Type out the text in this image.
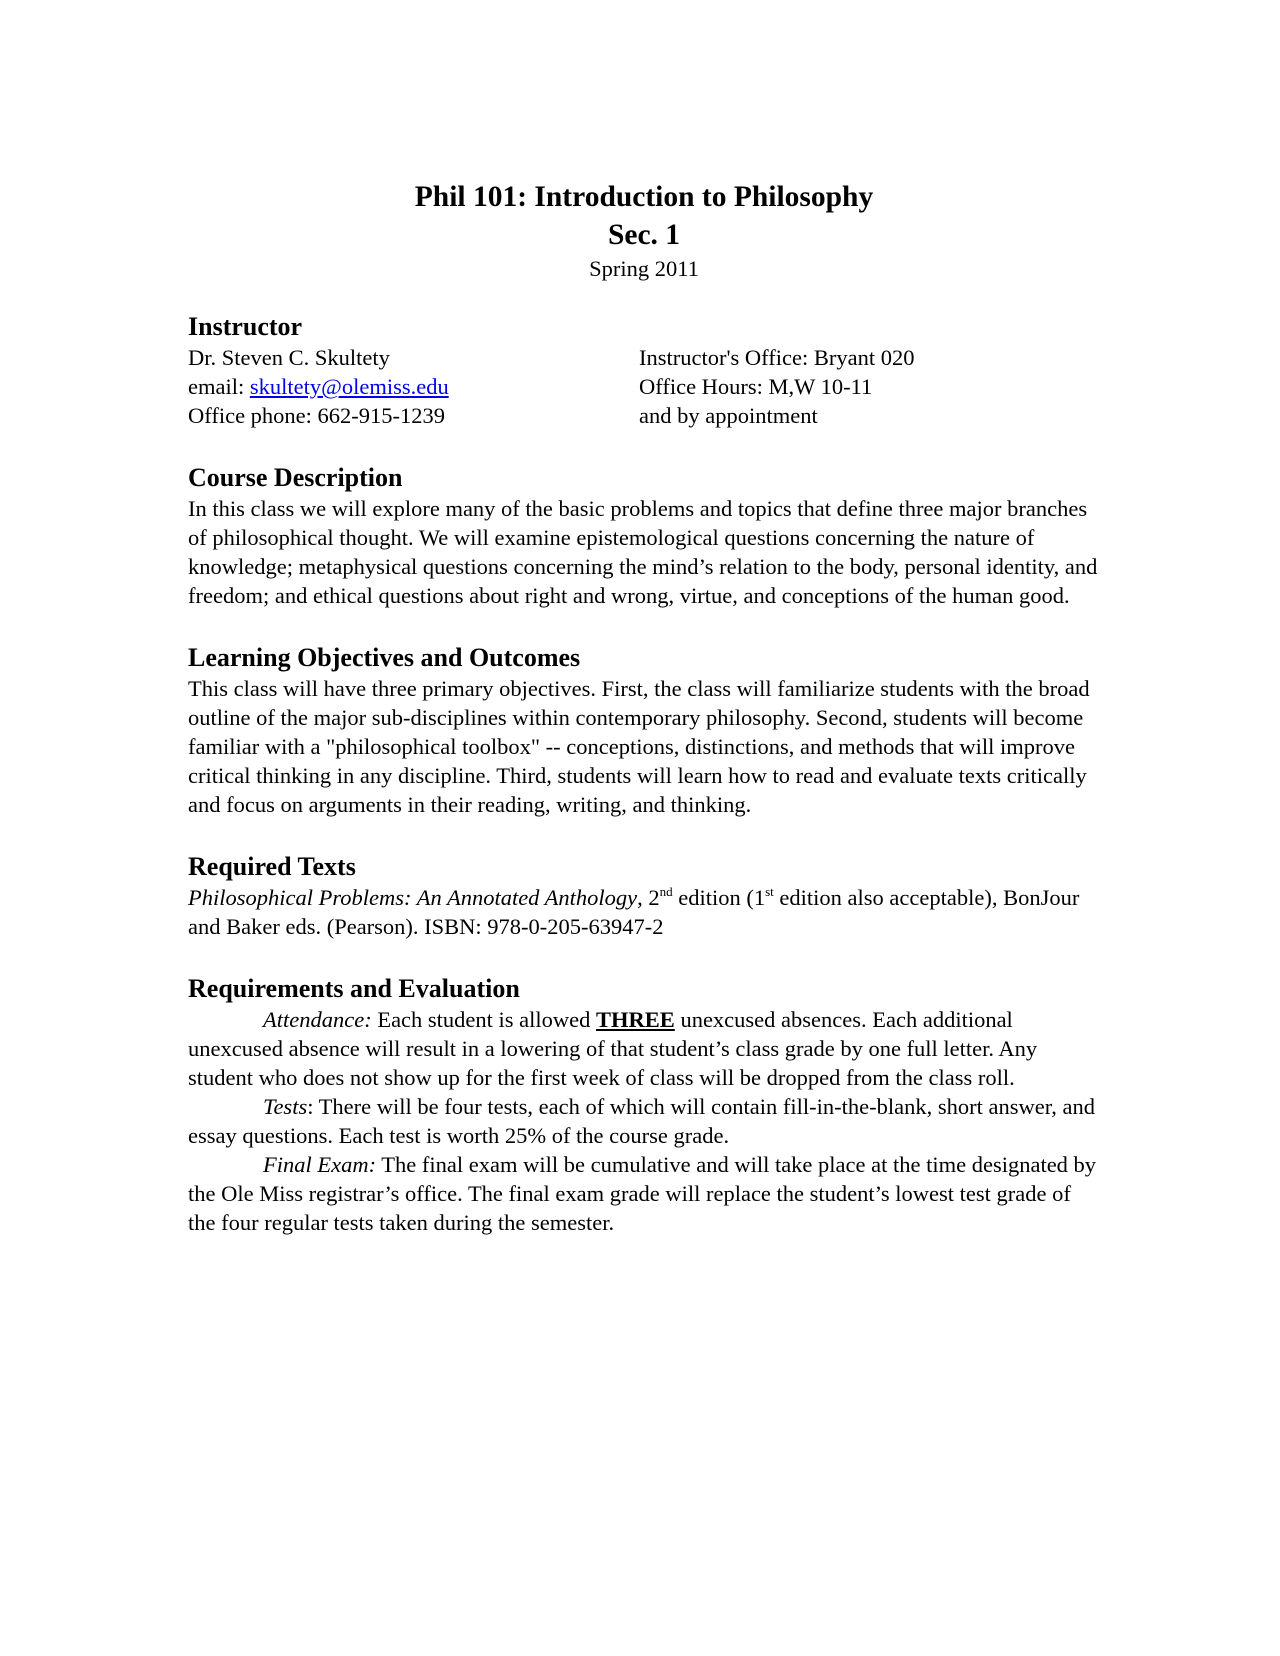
Phil 101: Introduction to Philosophy
Sec. 1
Spring 2011
Instructor
Dr. Steven C. Skultety
email: skultety@olemiss.edu
Office phone: 662-915-1239
Instructor's Office: Bryant 020
Office Hours: M,W 10-11
and by appointment
Course Description

In this class we will explore many of the basic problems and topics that define three major branches of philosophical thought. We will examine epistemological questions concerning the nature of knowledge; metaphysical questions concerning the mind’s relation to the body, personal identity, and freedom; and ethical questions about right and wrong, virtue, and conceptions of the human good.

Learning Objectives and Outcomes

This class will have three primary objectives. First, the class will familiarize students with the broad outline of the major sub-disciplines within contemporary philosophy. Second, students will become familiar with a "philosophical toolbox" -- conceptions, distinctions, and methods that will improve critical thinking in any discipline. Third, students will learn how to read and evaluate texts critically and focus on arguments in their reading, writing, and thinking.

Required Texts

Philosophical Problems: An Annotated Anthology, 2nd edition (1st edition also acceptable), BonJour and Baker eds. (Pearson). ISBN: 978-0-205-63947-2

Requirements and Evaluation

Attendance: Each student is allowed THREE unexcused absences. Each additional unexcused absence will result in a lowering of that student’s class grade by one full letter. Any student who does not show up for the first week of class will be dropped from the class roll.

Tests: There will be four tests, each of which will contain fill-in-the-blank, short answer, and essay questions. Each test is worth 25% of the course grade.

Final Exam: The final exam will be cumulative and will take place at the time designated by the Ole Miss registrar’s office. The final exam grade will replace the student’s lowest test grade of the four regular tests taken during the semester.
